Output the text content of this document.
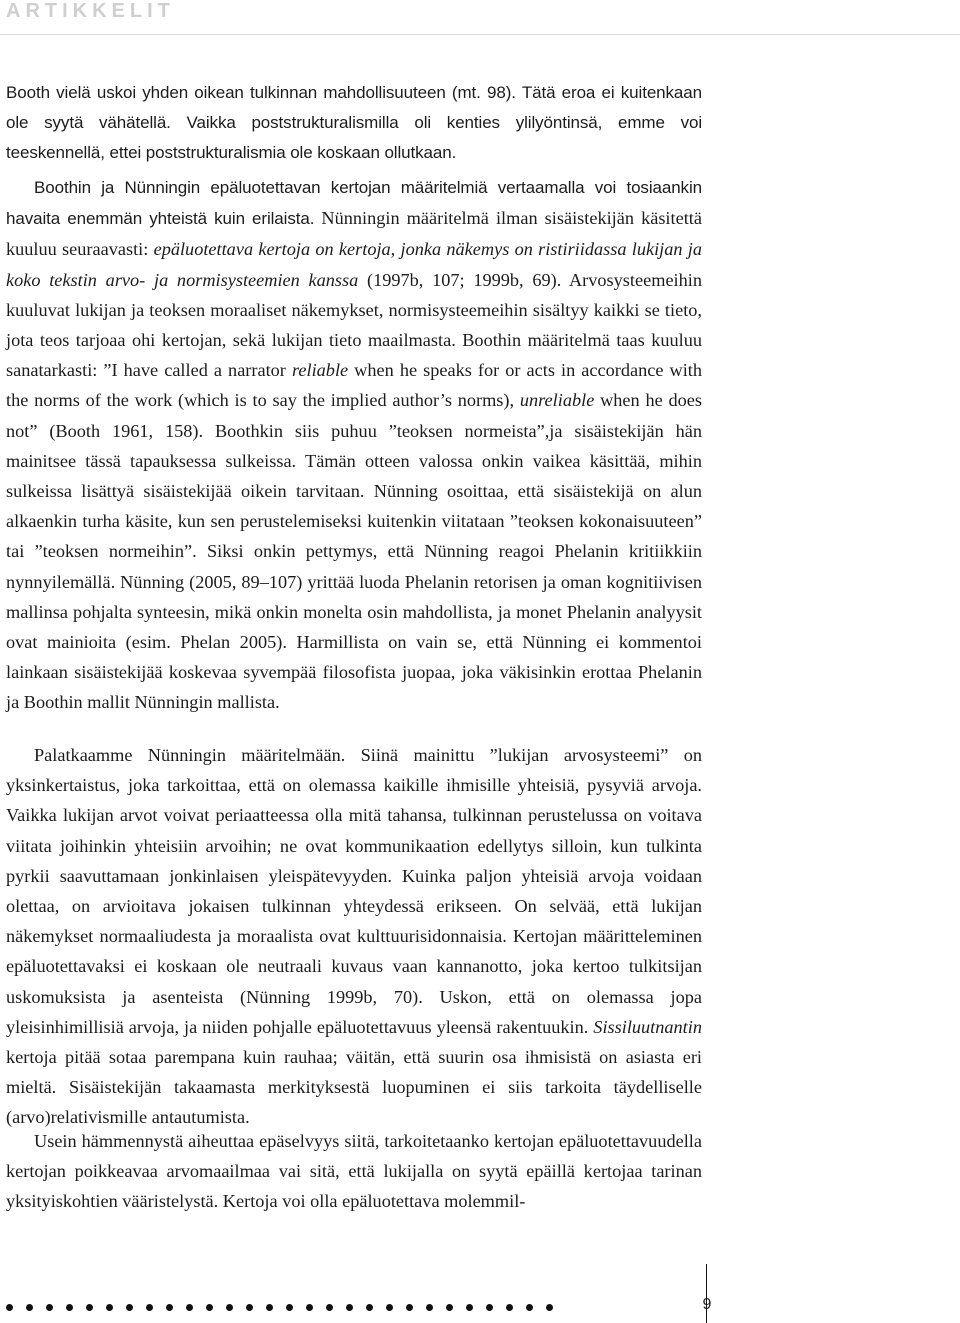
ARTIKKELIT

Booth vielä uskoi yhden oikean tulkinnan mahdollisuuteen (mt. 98). Tätä eroa ei kuitenkaan ole syytä vähätellä. Vaikka poststrukturalismilla oli kenties ylilyöntinsä, emme voi teeskennellä, ettei poststrukturalismia ole koskaan ollutkaan.

Boothin ja Nünningin epäluotettavan kertojan määritelmiä vertaamalla voi tosiaankin havaita enemmän yhteistä kuin erilaista. Nünningin määritelmä ilman sisäistekijän käsitettä kuuluu seuraavasti: epäluotettava kertoja on kertoja, jonka näkemys on ristiriidassa lukijan ja koko tekstin arvo- ja normisysteemien kanssa (1997b, 107; 1999b, 69). Arvosysteemeihin kuuluvat lukijan ja teoksen moraaliset näkemykset, normisysteemeihin sisältyy kaikki se tieto, jota teos tarjoaa ohi kertojan, sekä lukijan tieto maailmasta. Boothin määritelmä taas kuuluu sanatarkasti: ”I have called a narrator reliable when he speaks for or acts in accordance with the norms of the work (which is to say the implied author’s norms), unreliable when he does not” (Booth 1961, 158). Boothkin siis puhuu ”teoksen normeista”,ja sisäistekijän hän mainitsee tässä tapauksessa sulkeissa. Tämän otteen valossa onkin vaikea käsittää, mihin sulkeissa lisättyä sisäistekijää oikein tarvitaan. Nünning osoittaa, että sisäistekijä on alun alkaenkin turha käsite, kun sen perustelemiseksi kuitenkin viitataan ”teoksen kokonaisuuteen” tai ”teoksen normeihin”. Siksi onkin pettymys, että Nünning reagoi Phelanin kritiikkiin nynnyilemällä. Nünning (2005, 89–107) yrittää luoda Phelanin retorisen ja oman kognitiivisen mallinsa pohjalta synteesin, mikä onkin monelta osin mahdollista, ja monet Phelanin analyysit ovat mainioita (esim. Phelan 2005). Harmillista on vain se, että Nünning ei kommentoi lainkaan sisäistekijää koskevaa syvempää filosofista juopaa, joka väkisinkin erottaa Phelanin ja Boothin mallit Nünningin mallista.

Palatkaamme Nünningin määritelmään. Siinä mainittu ”lukijan arvosysteemi” on yksinkertaistus, joka tarkoittaa, että on olemassa kaikille ihmisille yhteisiä, pysyviä arvoja. Vaikka lukijan arvot voivat periaatteessa olla mitä tahansa, tulkinnan perustelussa on voitava viitata joihinkin yhteisiin arvoihin; ne ovat kommunikaation edellytys silloin, kun tulkinta pyrkii saavuttamaan jonkinlaisen yleispätevyyden. Kuinka paljon yhteisiä arvoja voidaan olettaa, on arvioitava jokaisen tulkinnan yhteydessä erikseen. On selvää, että lukijan näkemykset normaaliudesta ja moraalista ovat kulttuurisidonnaisia. Kertojan määritteleminen epäluotettavaksi ei koskaan ole neutraali kuvaus vaan kannanotto, joka kertoo tulkitsijan uskomuksista ja asenteista (Nünning 1999b, 70). Uskon, että on olemassa jopa yleisinhimillisiä arvoja, ja niiden pohjalle epäluotettavuus yleensä rakentuukin. Sissiluutnantin kertoja pitää sotaa parempana kuin rauhaa; väitän, että suurin osa ihmisistä on asiasta eri mieltä. Sisäistekijän takaamasta merkityksestä luopuminen ei siis tarkoita täydelliselle (arvo)relativismille antautumista.

Usein hämmennystä aiheuttaa epäselvyys siitä, tarkoitetaanko kertojan epäluotettavuudella kertojan poikkeavaa arvomaailmaa vai sitä, että lukijalla on syytä epäillä kertojaa tarinan yksityiskohtien vääristelystä. Kertoja voi olla epäluotettava molemmil-

9
